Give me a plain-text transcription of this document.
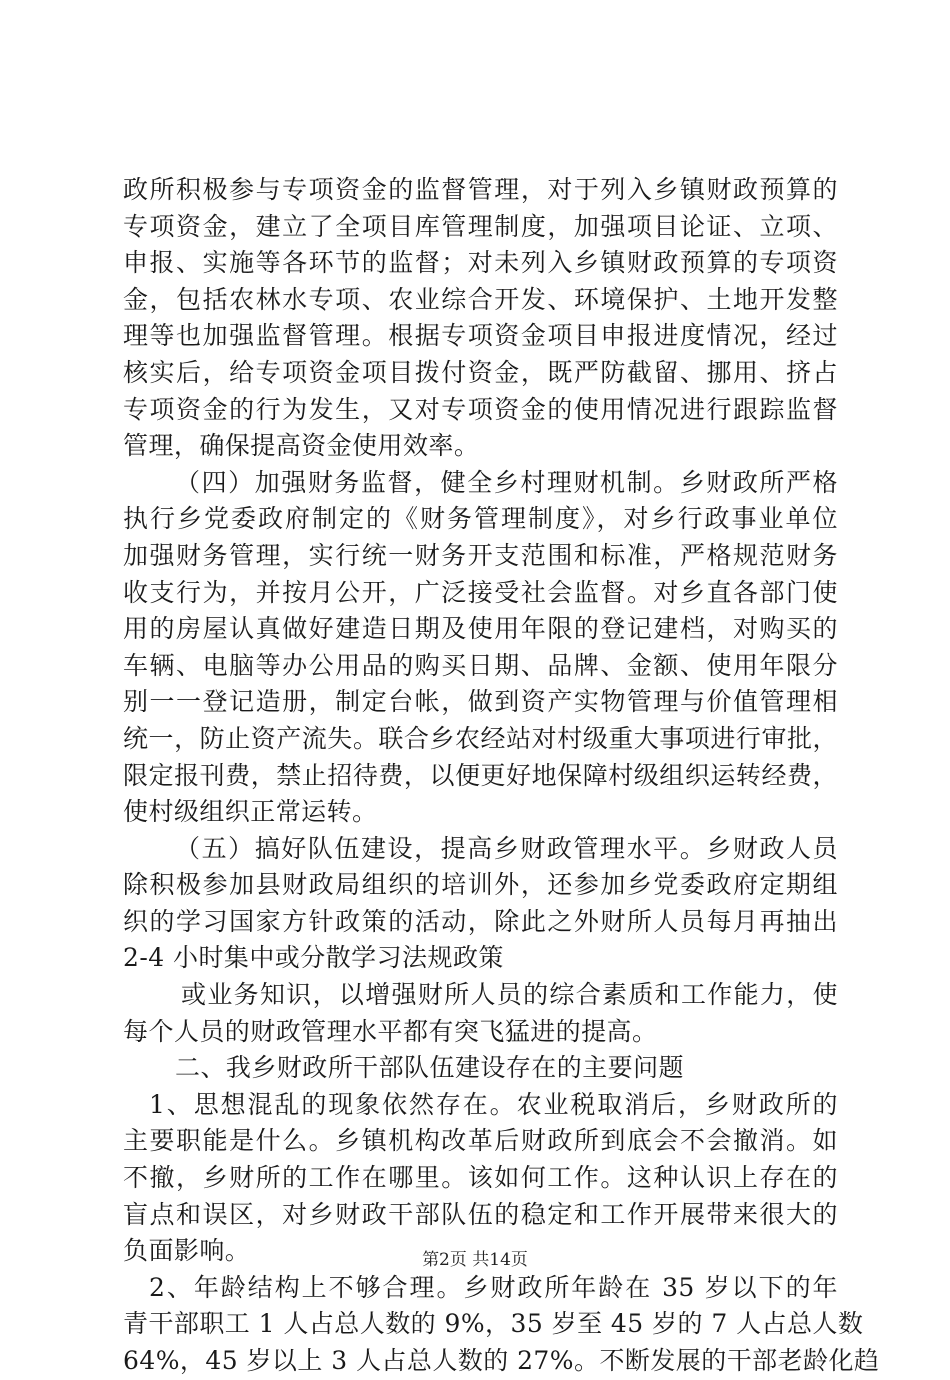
政所积极参与专项资金的监督管理，对于列入乡镇财政预算的
专项资金，建立了全项目库管理制度，加强项目论证、立项、
申报、实施等各环节的监督；对未列入乡镇财政预算的专项资
金，包括农林水专项、农业综合开发、环境保护、土地开发整
理等也加强监督管理。根据专项资金项目申报进度情况，经过
核实后，给专项资金项目拨付资金，既严防截留、挪用、挤占
专项资金的行为发生，又对专项资金的使用情况进行跟踪监督
管理，确保提高资金使用效率。
（四）加强财务监督，健全乡村理财机制。乡财政所严格
执行乡党委政府制定的《财务管理制度》，对乡行政事业单位
加强财务管理，实行统一财务开支范围和标准，严格规范财务
收支行为，并按月公开，广泛接受社会监督。对乡直各部门使
用的房屋认真做好建造日期及使用年限的登记建档，对购买的
车辆、电脑等办公用品的购买日期、品牌、金额、使用年限分
别一一登记造册，制定台帐，做到资产实物管理与价值管理相
统一，防止资产流失。联合乡农经站对村级重大事项进行审批，
限定报刊费，禁止招待费，以便更好地保障村级组织运转经费，
使村级组织正常运转。
（五）搞好队伍建设，提高乡财政管理水平。乡财政人员
除积极参加县财政局组织的培训外，还参加乡党委政府定期组
织的学习国家方针政策的活动，除此之外财所人员每月再抽出
2-4 小时集中或分散学习法规政策
或业务知识，以增强财所人员的综合素质和工作能力，使
每个人员的财政管理水平都有突飞猛进的提高。
二、我乡财政所干部队伍建设存在的主要问题
1、思想混乱的现象依然存在。农业税取消后，乡财政所的
主要职能是什么。乡镇机构改革后财政所到底会不会撤消。如
不撤，乡财所的工作在哪里。该如何工作。这种认识上存在的
盲点和误区，对乡财政干部队伍的稳定和工作开展带来很大的
负面影响。
2、年龄结构上不够合理。乡财政所年龄在 35 岁以下的年
青干部职工 1 人占总人数的 9%，35 岁至 45 岁的 7 人占总人数
64%，45 岁以上 3 人占总人数的 27%。不断发展的干部老龄化趋
第2页 共14页
